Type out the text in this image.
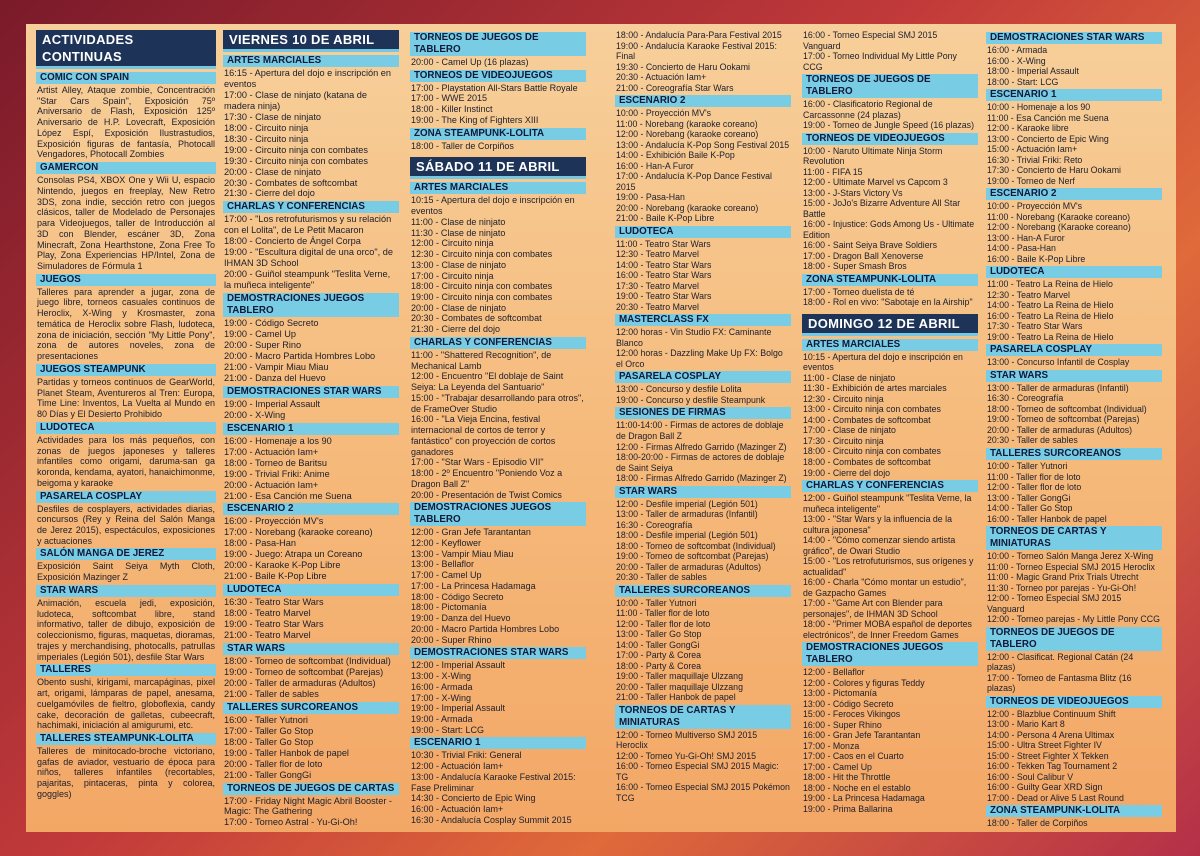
ACTIVIDADES CONTINUAS
COMIC CON SPAIN
Artist Alley, Ataque zombie, Concentración "Star Cars Spain", Exposición 75º Aniversario de Flash, Exposición 125º Aniversario de H.P. Lovecraft, Exposición López Espí, Exposición Ilustrastudios, Exposición figuras de fantasía, Photocall Vengadores, Photocall Zombies
GAMERCON
Consolas PS4, XBOX One y Wii U, espacio Nintendo, juegos en freeplay, New Retro 3DS, zona indie, sección retro con juegos clásicos, taller de Modelado de Personajes para Videojuegos, taller de Introducción al 3D con Blender, escáner 3D, Zona Minecraft, Zona Hearthstone, Zona Free To Play, Zona Experiencias HP/Intel, Zona de Simuladores de Fórmula 1
JUEGOS
Talleres para aprender a jugar, zona de juego libre, torneos casuales continuos de Heroclix, X-Wing y Krosmaster, zona temática de Heroclix sobre Flash, ludoteca, zona de iniciación, sección "My Little Pony", zona de autores noveles, zona de presentaciones
JUEGOS STEAMPUNK
Partidas y torneos continuos de GearWorld, Planet Steam, Aventureros al Tren: Europa, Time Line: Inventos, La Vuelta al Mundo en 80 Días y El Desierto Prohibido
LUDOTECA
Actividades para los más pequeños, con zonas de juegos japoneses y talleres infantiles como origami, daruma-san ga koronda, kendama, ayatori, hanaichimonme, beigoma y karaoke
PASARELA COSPLAY
Desfiles de cosplayers, actividades diarias, concursos (Rey y Reina del Salón Manga de Jerez 2015), espectáculos, exposiciones y actuaciones
SALÓN MANGA DE JEREZ
Exposición Saint Seiya Myth Cloth, Exposición Mazinger Z
STAR WARS
Animación, escuela jedi, exposición, ludoteca, softcombat libre, stand informativo, taller de dibujo, exposición de coleccionismo, figuras, maquetas, dioramas, trajes y merchandising, photocalls, patrullas imperiales (Legión 501), desfile Star Wars
TALLERES
Obento sushi, kirigami, marcapáginas, pixel art, origami, lámparas de papel, anesama, cuelgamóviles de fieltro, globoflexia, candy cake, decoración de galletas, cubeecraft, hachimaki, iniciación al amigurumi, etc.
TALLERES STEAMPUNK-LOLITA
Talleres de minitocado-broche victoriano, gafas de aviador, vestuario de época para niños, talleres infantiles (recortables, pajaritas, pintaceras, pinta y colorea, goggles)
VIERNES 10 DE ABRIL
ARTES MARCIALES
16:15 - Apertura del dojo e inscripción en eventos
17:00 - Clase de ninjato (katana de madera ninja)
17:30 - Clase de ninjato
18:00 - Circuito ninja
18:30 - Circuito ninja
19:00 - Circuito ninja con combates
19:30 - Circuito ninja con combates
20:00 - Clase de ninjato
20:30 - Combates de softcombat
21:30 - Cierre del dojo
CHARLAS Y CONFERENCIAS
17:00 - "Los retrofuturismos y su relación con el Lolita", de Le Petit Macaron
18:00 - Concierto de Ángel Corpa
19:00 - "Escultura digital de una orco", de IHMAN 3D School
20:00 - Guiñol steampunk "Teslita Verne, la muñeca inteligente"
DEMOSTRACIONES JUEGOS TABLERO
19:00 - Código Secreto
19:00 - Camel Up
20:00 - Super Rino
20:00 - Macro Partida Hombres Lobo
21:00 - Vampir Miau Miau
21:00 - Danza del Huevo
DEMOSTRACIONES STAR WARS
19:00 - Imperial Assault
20:00 - X-Wing
ESCENARIO 1
16:00 - Homenaje a los 90
17:00 - Actuación Iam+
18:00 - Torneo de Baritsu
19:00 - Trivial Friki: Anime
20:00 - Actuación Iam+
21:00 - Esa Canción me Suena
ESCENARIO 2
16:00 - Proyección MV's
17:00 - Norebang (karaoke coreano)
18:00 - Pasa-Han
19:00 - Juego: Atrapa un Coreano
20:00 - Karaoke K-Pop Libre
21:00 - Baile K-Pop Libre
LUDOTECA
16:30 - Teatro Star Wars
18:00 - Teatro Marvel
19:00 - Teatro Star Wars
21:00 - Teatro Marvel
STAR WARS
18:00 - Torneo de softcombat (Individual)
19:00 - Torneo de softcombat (Parejas)
20:00 - Taller de armaduras (Adultos)
21:00 - Taller de sables
TALLERES SURCOREANOS
16:00 - Taller Yutnori
17:00 - Taller Go Stop
18:00 - Taller Go Stop
19:00 - Taller Hanbok de papel
20:00 - Taller flor de loto
21:00 - Taller GongGi
TORNEOS DE JUEGOS DE CARTAS
17:00 - Friday Night Magic Abril Booster - Magic: The Gathering
17:00 - Torneo Astral - Yu-Gi-Oh!
TORNEOS DE JUEGOS DE TABLERO
20:00 - Camel Up (16 plazas)
TORNEOS DE VIDEOJUEGOS
17:00 - Playstation All-Stars Battle Royale
17:00 - WWE 2015
18:00 - Killer Instinct
19:00 - The King of Fighters XIII
ZONA STEAMPUNK-LOLITA
18:00 - Taller de Corpiños
SÁBADO 11 DE ABRIL
ARTES MARCIALES
10:15 - Apertura del dojo e inscripción en eventos
11:00 - Clase de ninjato
11:30 - Clase de ninjato
12:00 - Circuito ninja
12:30 - Circuito ninja con combates
13:00 - Clase de ninjato
17:00 - Circuito ninja
18:00 - Circuito ninja con combates
19:00 - Circuito ninja con combates
20:00 - Clase de ninjato
20:30 - Combates de softcombat
21:30 - Cierre del dojo
CHARLAS Y CONFERENCIAS
11:00 - "Shattered Recognition", de Mechanical Lamb
12:00 - Encuentro "El doblaje de Saint Seiya: La Leyenda del Santuario"
15:00 - "Trabajar desarrollando para otros", de FrameOver Studio
16:00 - "La Vieja Encina, festival internacional de cortos de terror y fantástico" con proyección de cortos ganadores
17:00 - "Star Wars - Episodio VII"
18:00 - 2º Encuentro "Poniendo Voz a Dragon Ball Z"
20:00 - Presentación de Twist Comics
DEMOSTRACIONES JUEGOS TABLERO
12:00 - Gran Jefe Tarantantan
12:00 - Keyflower
13:00 - Vampir Miau Miau
13:00 - Bellaflor
17:00 - Camel Up
17:00 - La Princesa Hadamaga
18:00 - Código Secreto
18:00 - Pictomanía
19:00 - Danza del Huevo
20:00 - Macro Partida Hombres Lobo
20:00 - Super Rhino
DEMOSTRACIONES STAR WARS
12:00 - Imperial Assault
13:00 - X-Wing
16:00 - Armada
17:00 - X-Wing
19:00 - Imperial Assault
19:00 - Armada
19:00 - Start: LCG
ESCENARIO 1
10:30 - Trivial Friki: General
12:00 - Actuación Iam+
13:00 - Andalucía Karaoke Festival 2015: Fase Preliminar
14:30 - Concierto de Epic Wing
16:00 - Actuación Iam+
16:30 - Andalucía Cosplay Summit 2015
18:00 - Andalucía Para-Para Festival 2015
19:00 - Andalucía Karaoke Festival 2015: Final
19:30 - Concierto de Haru Ookami
20:30 - Actuación Iam+
21:00 - Coreografía Star Wars
ESCENARIO 2
10:00 - Proyección MV's
11:00 - Norebang (karaoke coreano)
12:00 - Norebang (karaoke coreano)
13:00 - Andalucía K-Pop Song Festival 2015
14:00 - Exhibición Baile K-Pop
16:00 - Han-A Furor
17:00 - Andalucía K-Pop Dance Festival 2015
19:00 - Pasa-Han
20:00 - Norebang (karaoke coreano)
21:00 - Baile K-Pop Libre
LUDOTECA
11:00 - Teatro Star Wars
12:30 - Teatro Marvel
14:00 - Teatro Star Wars
16:00 - Teatro Star Wars
17:30 - Teatro Marvel
19:00 - Teatro Star Wars
20:30 - Teatro Marvel
MASTERCLASS FX
12:00 horas - Vin Studio FX: Caminante Blanco
12:00 horas - Dazzling Make Up FX: Bolgo el Orco
PASARELA COSPLAY
13:00 - Concurso y desfile Lolita
19:00 - Concurso y desfile Steampunk
SESIONES DE FIRMAS
11:00-14:00 - Firmas de actores de doblaje de Dragon Ball Z
12:00 - Firmas Alfredo Garrido (Mazinger Z)
18:00-20:00 - Firmas de actores de doblaje de Saint Seiya
18:00 - Firmas Alfredo Garrido (Mazinger Z)
STAR WARS
12:00 - Desfile imperial (Legión 501)
13:00 - Taller de armaduras (Infantil)
16:30 - Coreografía
18:00 - Desfile imperial (Legión 501)
18:00 - Torneo de softcombat (Individual)
19:00 - Torneo de softcombat (Parejas)
20:00 - Taller de armaduras (Adultos)
20:30 - Taller de sables
TALLERES SURCOREANOS
10:00 - Taller Yutnori
11:00 - Taller flor de loto
12:00 - Taller flor de loto
13:00 - Taller Go Stop
14:00 - Taller GongGi
17:00 - Party & Corea
18:00 - Party & Corea
19:00 - Taller maquillaje Ulzzang
20:00 - Taller maquillaje Ulzzang
21:00 - Taller Hanbok de papel
TORNEOS DE CARTAS Y MINIATURAS
12:00 - Torneo Multiverso SMJ 2015 Heroclix
12:00 - Torneo Yu-Gi-Oh! SMJ 2015
16:00 - Torneo Especial SMJ 2015 Magic: TG
16:00 - Torneo Especial SMJ 2015 Pokémon TCG
16:00 - Torneo Especial SMJ 2015 Vanguard
17:00 - Torneo Individual My Little Pony CCG
TORNEOS DE JUEGOS DE TABLERO
16:00 - Clasificatorio Regional de Carcassonne (24 plazas)
19:00 - Torneo de Jungle Speed (16 plazas)
TORNEOS DE VIDEOJUEGOS
10:00 - Naruto Ultimate Ninja Storm Revolution
11:00 - FIFA 15
12:00 - Ultimate Marvel vs Capcom 3
13:00 - J-Stars Victory Vs
15:00 - JoJo's Bizarre Adventure All Star Battle
16:00 - Injustice: Gods Among Us - Ultimate Edition
16:00 - Saint Seiya Brave Soldiers
17:00 - Dragon Ball Xenoverse
18:00 - Super Smash Bros
ZONA STEAMPUNK-LOLITA
17:00 - Torneo duelista de té
18:00 - Rol en vivo: "Sabotaje en la Airship"
DOMINGO 12 DE ABRIL
ARTES MARCIALES
10:15 - Apertura del dojo e inscripción en eventos
11:00 - Clase de ninjato
11:30 - Exhibición de artes marciales
12:30 - Circuito ninja
13:00 - Circuito ninja con combates
14:00 - Combates de softcombat
17:00 - Clase de ninjato
17:30 - Circuito ninja
18:00 - Circuito ninja con combates
18:00 - Combates de softcombat
19:00 - Cierre del dojo
CHARLAS Y CONFERENCIAS
12:00 - Guiñol steampunk "Teslita Verne, la muñeca inteligente"
13:00 - "Star Wars y la influencia de la cultura japonesa"
14:00 - "Cómo comenzar siendo artista gráfico", de Owari Studio
15:00 - "Los retrofuturismos, sus orígenes y actualidad"
16:00 - Charla "Cómo montar un estudio", de Gazpacho Games
17:00 - "Game Art con Blender para personajes", de IHMAN 3D School
18:00 - "Primer MOBA español de deportes electrónicos", de Inner Freedom Games
DEMOSTRACIONES JUEGOS TABLERO
12:00 - Bellaflor
12:00 - Colores y figuras Teddy
13:00 - Pictomanía
13:00 - Código Secreto
15:00 - Feroces Vikingos
16:00 - Super Rhino
16:00 - Gran Jefe Tarantantan
17:00 - Monza
17:00 - Caos en el Cuarto
17:00 - Camel Up
18:00 - Hit the Throttle
18:00 - Noche en el establo
19:00 - La Princesa Hadamaga
19:00 - Prima Ballarina
DEMOSTRACIONES STAR WARS
16:00 - Armada
16:00 - X-Wing
18:00 - Imperial Assault
18:00 - Start: LCG
ESCENARIO 1
10:00 - Homenaje a los 90
11:00 - Esa Canción me Suena
12:00 - Karaoke libre
13:00 - Concierto de Epic Wing
15:00 - Actuación Iam+
16:30 - Trivial Friki: Reto
17:30 - Concierto de Haru Ookami
19:00 - Torneo de Nerf
ESCENARIO 2
10:00 - Proyección MV's
11:00 - Norebang (Karaoke coreano)
12:00 - Norebang (Karaoke coreano)
13:00 - Han-A Furor
14:00 - Pasa-Han
16:00 - Baile K-Pop Libre
LUDOTECA
11:00 - Teatro La Reina de Hielo
12:30 - Teatro Marvel
14:00 - Teatro La Reina de Hielo
16:00 - Teatro La Reina de Hielo
17:30 - Teatro Star Wars
19:00 - Teatro La Reina de Hielo
PASARELA COSPLAY
13:00 - Concurso Infantil de Cosplay
STAR WARS
13:00 - Taller de armaduras (Infantil)
16:30 - Coreografía
18:00 - Torneo de softcombat (Individual)
19:00 - Torneo de softcombat (Parejas)
20:00 - Taller de armaduras (Adultos)
20:30 - Taller de sables
TALLERES SURCOREANOS
10:00 - Taller Yutnori
11:00 - Taller flor de loto
12:00 - Taller flor de loto
13:00 - Taller GongGi
14:00 - Taller Go Stop
16:00 - Taller Hanbok de papel
TORNEOS DE CARTAS Y MINIATURAS
10:00 - Torneo Salón Manga Jerez X-Wing
11:00 - Torneo Especial SMJ 2015 Heroclix
11:00 - Magic Grand Prix Trials Utrecht
11:30 - Torneo por parejas - Yu-Gi-Oh!
12:00 - Torneo Especial SMJ 2015 Vanguard
12:00 - Torneo parejas - My Little Pony CCG
TORNEOS DE JUEGOS DE TABLERO
12:00 - Clasificat. Regional Catán (24 plazas)
17:00 - Torneo de Fantasma Blitz (16 plazas)
TORNEOS DE VIDEOJUEGOS
12:00 - Blazblue Continuum Shift
13:00 - Mario Kart 8
14:00 - Persona 4 Arena Ultimax
15:00 - Ultra Street Fighter IV
15:00 - Street Fighter X Tekken
16:00 - Tekken Tag Tournament 2
16:00 - Soul Calibur V
16:00 - Guilty Gear XRD Sign
17:00 - Dead or Alive 5 Last Round
ZONA STEAMPUNK-LOLITA
18:00 - Taller de Corpiños
